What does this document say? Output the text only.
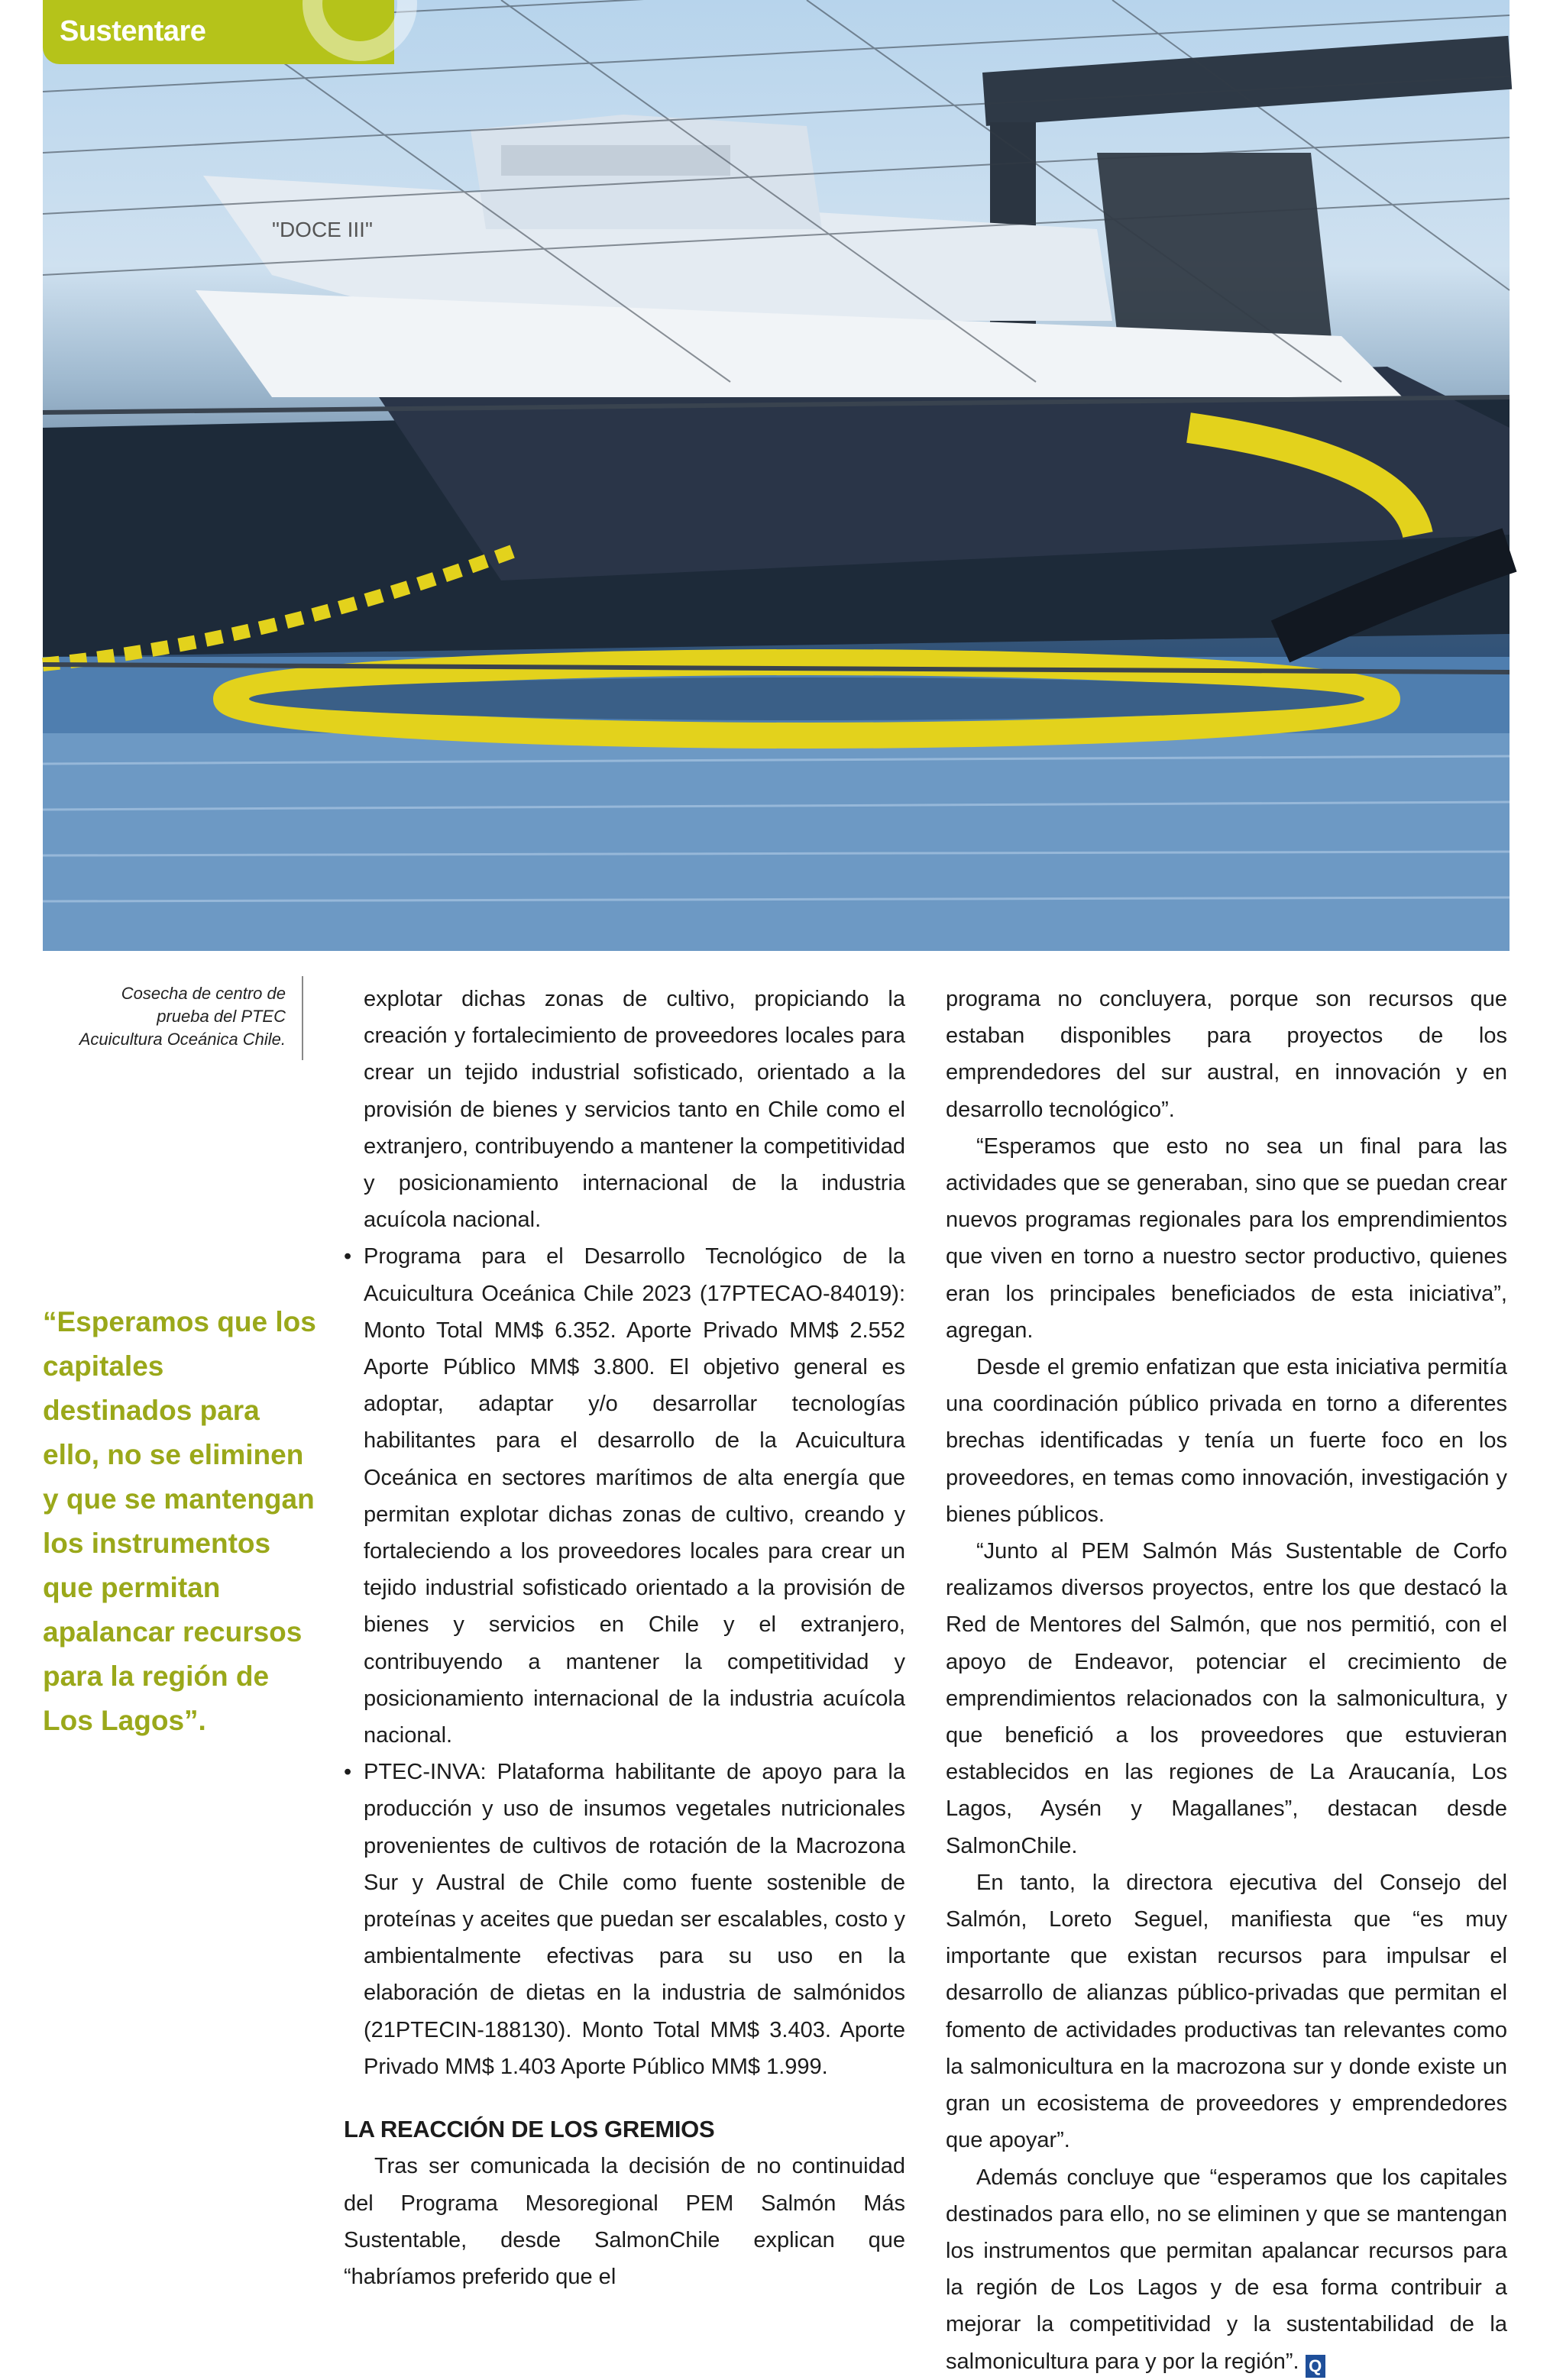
Sustentare
"DOCE III"
Fotografía: Corfo
Cosecha de centro de prueba del PTEC Acuicultura Oceánica Chile.
“Esperamos que los capitales destinados para ello, no se eliminen y que se mantengan los instrumentos que permitan apalancar recursos para la región de Los Lagos”.

explotar dichas zonas de cultivo, propiciando la creación y fortalecimiento de proveedores locales para crear un tejido industrial sofisticado, orientado a la provisión de bienes y servicios tanto en Chile como el extranjero, contribuyendo a mantener la competitividad y posicionamiento internacional de la industria acuícola nacional.

• Programa para el Desarrollo Tecnológico de la Acuicultura Oceánica Chile 2023 (17PTECAO-84019): Monto Total MM$ 6.352. Aporte Privado MM$ 2.552 Aporte Público MM$ 3.800. El objetivo general es adoptar, adaptar y/o desarrollar tecnologías habilitantes para el desarrollo de la Acuicultura Oceánica en sectores marítimos de alta energía que permitan explotar dichas zonas de cultivo, creando y fortaleciendo a los proveedores locales para crear un tejido industrial sofisticado orientado a la provisión de bienes y servicios en Chile y el extranjero, contribuyendo a mantener la competitividad y posicionamiento internacional de la industria acuícola nacional.

• PTEC-INVA: Plataforma habilitante de apoyo para la producción y uso de insumos vegetales nutricionales provenientes de cultivos de rotación de la Macrozona Sur y Austral de Chile como fuente sostenible de proteínas y aceites que puedan ser escalables, costo y ambientalmente efectivas para su uso en la elaboración de dietas en la industria de salmónidos (21PTECIN-188130). Monto Total MM$ 3.403. Aporte Privado MM$ 1.403 Aporte Público MM$ 1.999.

LA REACCIÓN DE LOS GREMIOS

Tras ser comunicada la decisión de no continuidad del Programa Mesoregional PEM Salmón Más Sustentable, desde SalmonChile explican que “habríamos preferido que el

programa no concluyera, porque son recursos que estaban disponibles para proyectos de los emprendedores del sur austral, en innovación y en desarrollo tecnológico”.

“Esperamos que esto no sea un final para las actividades que se generaban, sino que se puedan crear nuevos programas regionales para los emprendimientos que viven en torno a nuestro sector productivo, quienes eran los principales beneficiados de esta iniciativa”, agregan.

Desde el gremio enfatizan que esta iniciativa permitía una coordinación público privada en torno a diferentes brechas identificadas y tenía un fuerte foco en los proveedores, en temas como innovación, investigación y bienes públicos.

“Junto al PEM Salmón Más Sustentable de Corfo realizamos diversos proyectos, entre los que destacó la Red de Mentores del Salmón, que nos permitió, con el apoyo de Endeavor, potenciar el crecimiento de emprendimientos relacionados con la salmonicultura, y que benefició a los proveedores que estuvieran establecidos en las regiones de La Araucanía, Los Lagos, Aysén y Magallanes”, destacan desde SalmonChile.

En tanto, la directora ejecutiva del Consejo del Salmón, Loreto Seguel, manifiesta que “es muy importante que existan recursos para impulsar el desarrollo de alianzas público-privadas que permitan el fomento de actividades productivas tan relevantes como la salmonicultura en la macrozona sur y donde existe un gran un ecosistema de proveedores y emprendedores que apoyar”.

Además concluye que “esperamos que los capitales destinados para ello, no se eliminen y que se mantengan los instrumentos que permitan apalancar recursos para la región de Los Lagos y de esa forma contribuir a mejorar la competitividad y la sustentabilidad de la salmonicultura para y por la región”. Q
